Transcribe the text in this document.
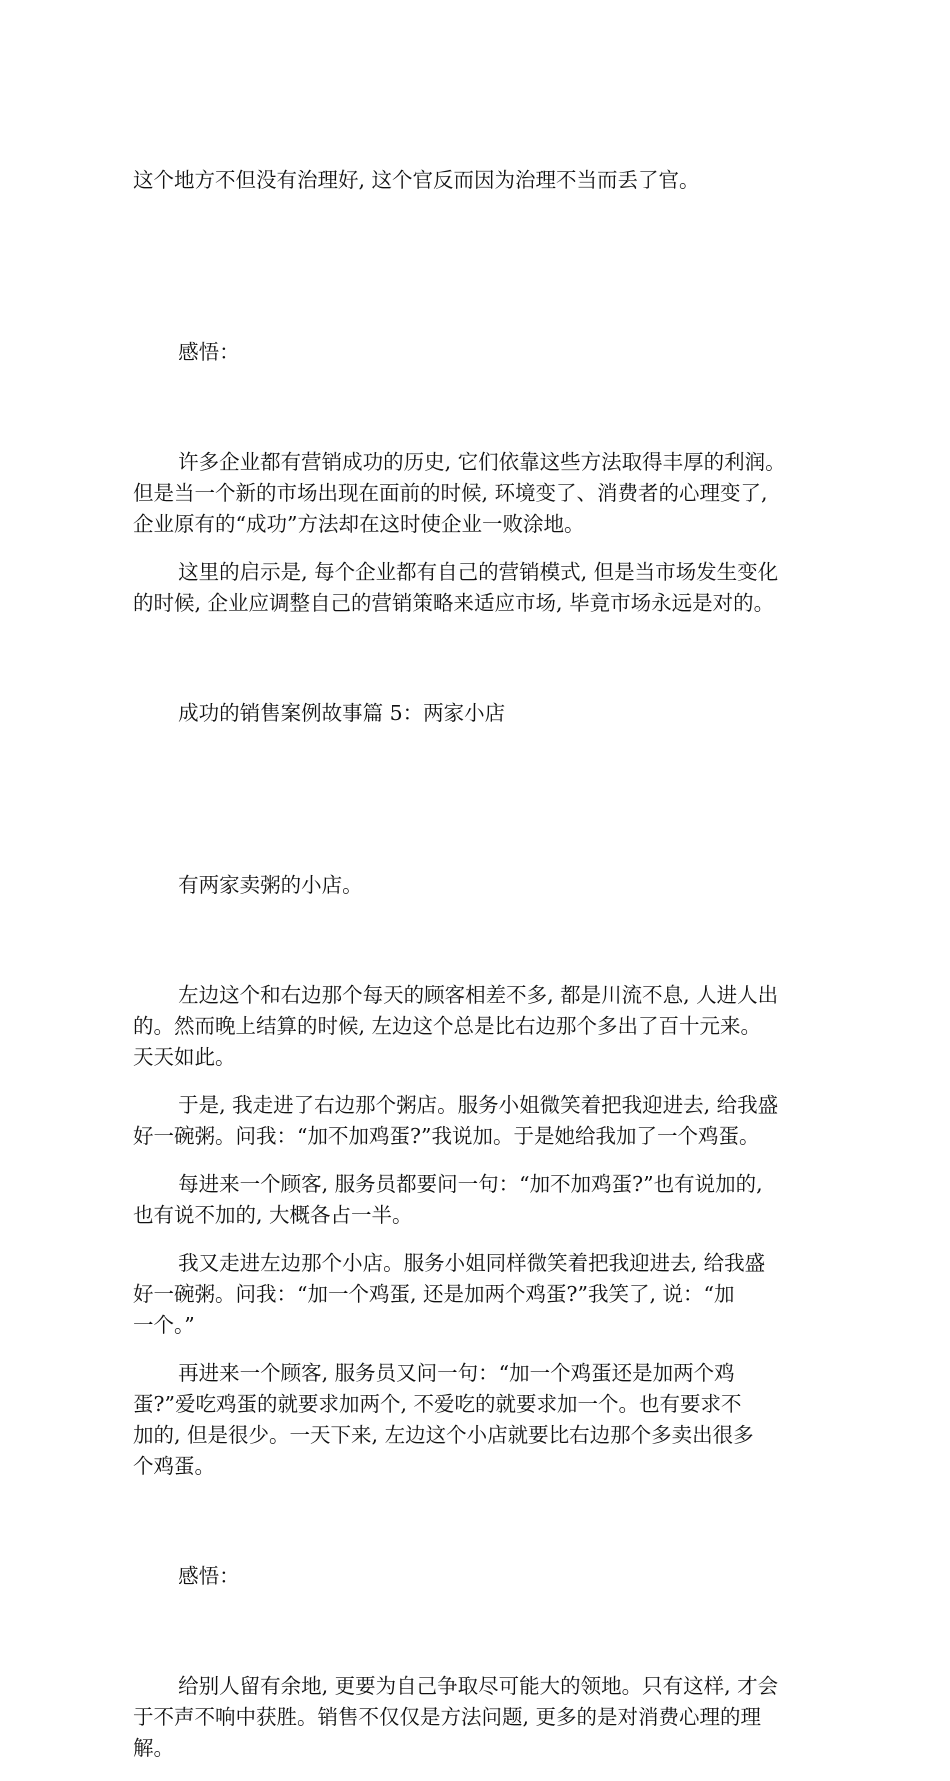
这个地方不但没有治理好, 这个官反而因为治理不当而丢了官。

感悟：

许多企业都有营销成功的历史, 它们依靠这些方法取得丰厚的利润。
但是当一个新的市场出现在面前的时候, 环境变了、消费者的心理变了,
企业原有的“成功”方法却在这时使企业一败涂地。

这里的启示是, 每个企业都有自己的营销模式, 但是当市场发生变化
的时候, 企业应调整自己的营销策略来适应市场, 毕竟市场永远是对的。

成功的销售案例故事篇 5：两家小店

有两家卖粥的小店。

左边这个和右边那个每天的顾客相差不多, 都是川流不息, 人进人出
的。然而晚上结算的时候, 左边这个总是比右边那个多出了百十元来。
天天如此。

于是, 我走进了右边那个粥店。服务小姐微笑着把我迎进去, 给我盛
好一碗粥。问我：“加不加鸡蛋?”我说加。于是她给我加了一个鸡蛋。

每进来一个顾客, 服务员都要问一句：“加不加鸡蛋?”也有说加的,
也有说不加的, 大概各占一半。

我又走进左边那个小店。服务小姐同样微笑着把我迎进去, 给我盛
好一碗粥。问我：“加一个鸡蛋, 还是加两个鸡蛋?”我笑了, 说：“加
一个。”

再进来一个顾客, 服务员又问一句：“加一个鸡蛋还是加两个鸡
蛋?”爱吃鸡蛋的就要求加两个, 不爱吃的就要求加一个。也有要求不
加的, 但是很少。一天下来, 左边这个小店就要比右边那个多卖出很多
个鸡蛋。

感悟：

给别人留有余地, 更要为自己争取尽可能大的领地。只有这样, 才会
于不声不响中获胜。销售不仅仅是方法问题, 更多的是对消费心理的理
解。
